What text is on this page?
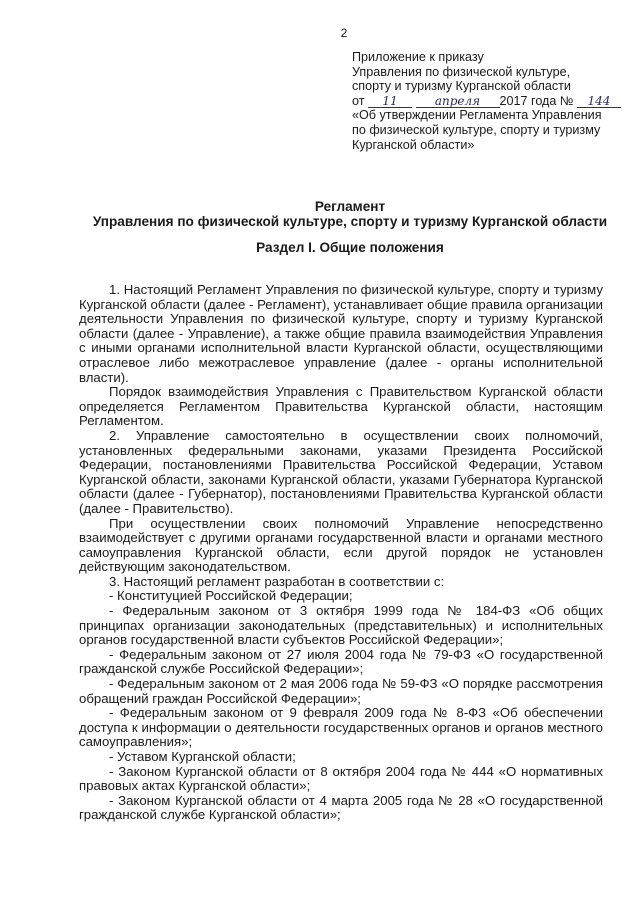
2
Приложение к приказу
Управления по физической культуре,
спорту и туризму Курганской области
от 11	апреля 2017 года № 144
«Об утверждении Регламента Управления
по физической культуре, спорту и туризму
Курганской области»
Регламент
Управления по физической культуре, спорту и туризму Курганской области
Раздел I. Общие положения

1. Настоящий Регламент Управления по физической культуре, спорту и туризму Курганской области (далее - Регламент), устанавливает общие правила организации деятельности Управления по физической культуре, спорту и туризму Курганской области (далее - Управление), а также общие правила взаимодействия Управления с иными органами исполнительной власти Курганской области, осуществляющими отраслевое либо межотраслевое управление (далее - органы исполнительной власти).

Порядок взаимодействия Управления с Правительством Курганской области определяется Регламентом Правительства Курганской области, настоящим Регламентом.

2. Управление самостоятельно в осуществлении своих полномочий, установленных федеральными законами, указами Президента Российской Федерации, постановлениями Правительства Российской Федерации, Уставом Курганской области, законами Курганской области, указами Губернатора Курганской области (далее - Губернатор), постановлениями Правительства Курганской области (далее - Правительство).

При осуществлении своих полномочий Управление непосредственно взаимодействует с другими органами государственной власти и органами местного самоуправления Курганской области, если другой порядок не установлен действующим законодательством.

3. Настоящий регламент разработан в соответствии с:

- Конституцией Российской Федерации;

- Федеральным законом от 3 октября 1999 года № 184-ФЗ «Об общих принципах организации законодательных (представительных) и исполнительных органов государственной власти субъектов Российской Федерации»;

- Федеральным законом от 27 июля 2004 года № 79-ФЗ «О государственной гражданской службе Российской Федерации»;

- Федеральным законом от 2 мая 2006 года № 59-ФЗ «О порядке рассмотрения обращений граждан Российской Федерации»;

- Федеральным законом от 9 февраля 2009 года № 8-ФЗ «Об обеспечении доступа к информации о деятельности государственных органов и органов местного самоуправления»;

- Уставом Курганской области;

- Законом Курганской области от 8 октября 2004 года № 444 «О нормативных правовых актах Курганской области»;

- Законом Курганской области от 4 марта 2005 года № 28 «О государственной гражданской службе Курганской области»;
